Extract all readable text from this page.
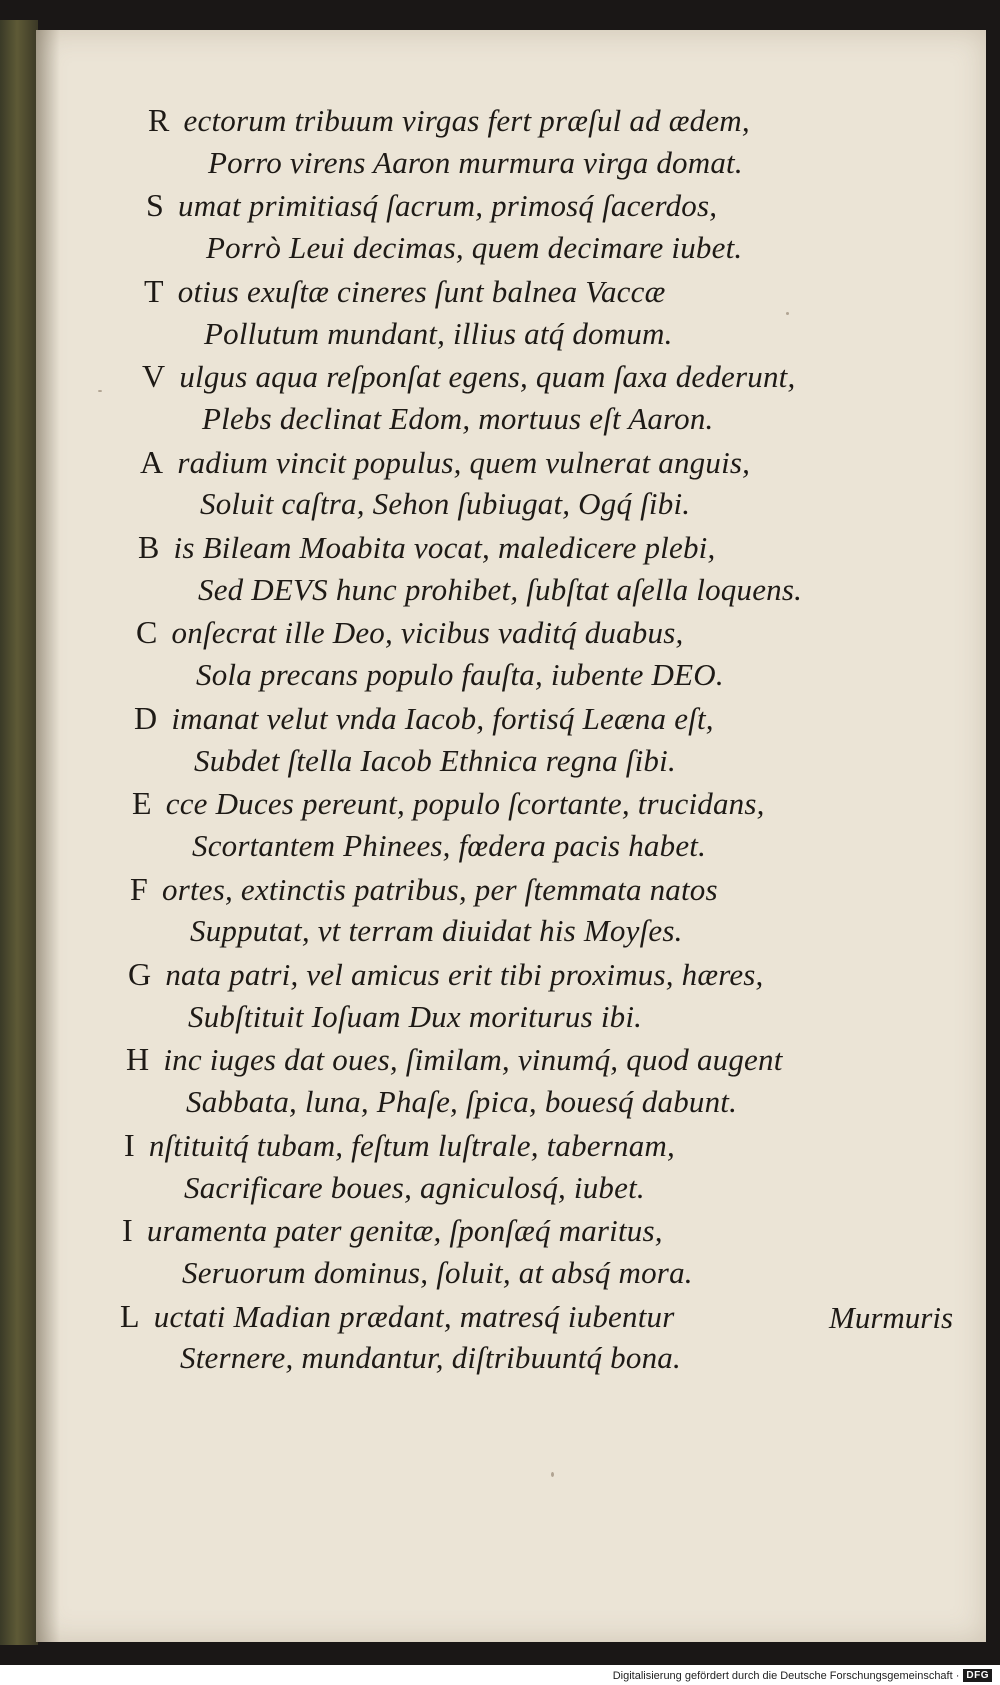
R ectorum tribuum virgas fert præſul ad ædem,
Porro virens Aaron murmura virga domat.
S umat primitiasq́ ſacrum, primosq́ ſacerdos,
Porrò Leui decimas, quem decimare iubet.
T otius exuſtæ cineres ſunt balnea Vaccæ
Pollutum mundant, illius atq́ domum.
V ulgus aqua reſponſat egens, quam ſaxa dederunt,
Plebs declinat Edom, mortuus eſt Aaron.
A radium vincit populus, quem vulnerat anguis,
Soluit caſtra, Sehon ſubiugat, Ogq́ ſibi.
B is Bileam Moabita vocat, maledicere plebi,
Sed DEVS hunc prohibet, ſubſtat aſella loquens.
C onſecrat ille Deo, vicibus vaditq́ duabus,
Sola precans populo fauſta, iubente DEO.
D imanat velut vnda Iacob, fortisq́ Leæna eſt,
Subdet ſtella Iacob Ethnica regna ſibi.
E cce Duces pereunt, populo ſcortante, trucidans,
Scortantem Phinees, fœdera pacis habet.
F ortes, extinctis patribus, per ſtemmata natos
Supputat, vt terram diuidat his Moyſes.
G nata patri, vel amicus erit tibi proximus, hæres,
Subſtituit Ioſuam Dux moriturus ibi.
H inc iuges dat oues, ſimilam, vinumq́, quod augent
Sabbata, luna, Phaſe, ſpica, bouesq́ dabunt.
I nſtituitq́ tubam, feſtum luſtrale, tabernam,
Sacrificare boues, agniculosq́, iubet.
I uramenta pater genitæ, ſponſæq́ maritus,
Seruorum dominus, ſoluit, at absq́ mora.
L uctati Madian prædant, matresq́ iubentur
Sternere, mundantur, diſtribuuntq́ bona.
Murmuris
Digitalisierung gefördert durch die Deutsche Forschungsgemeinschaft · DFG
